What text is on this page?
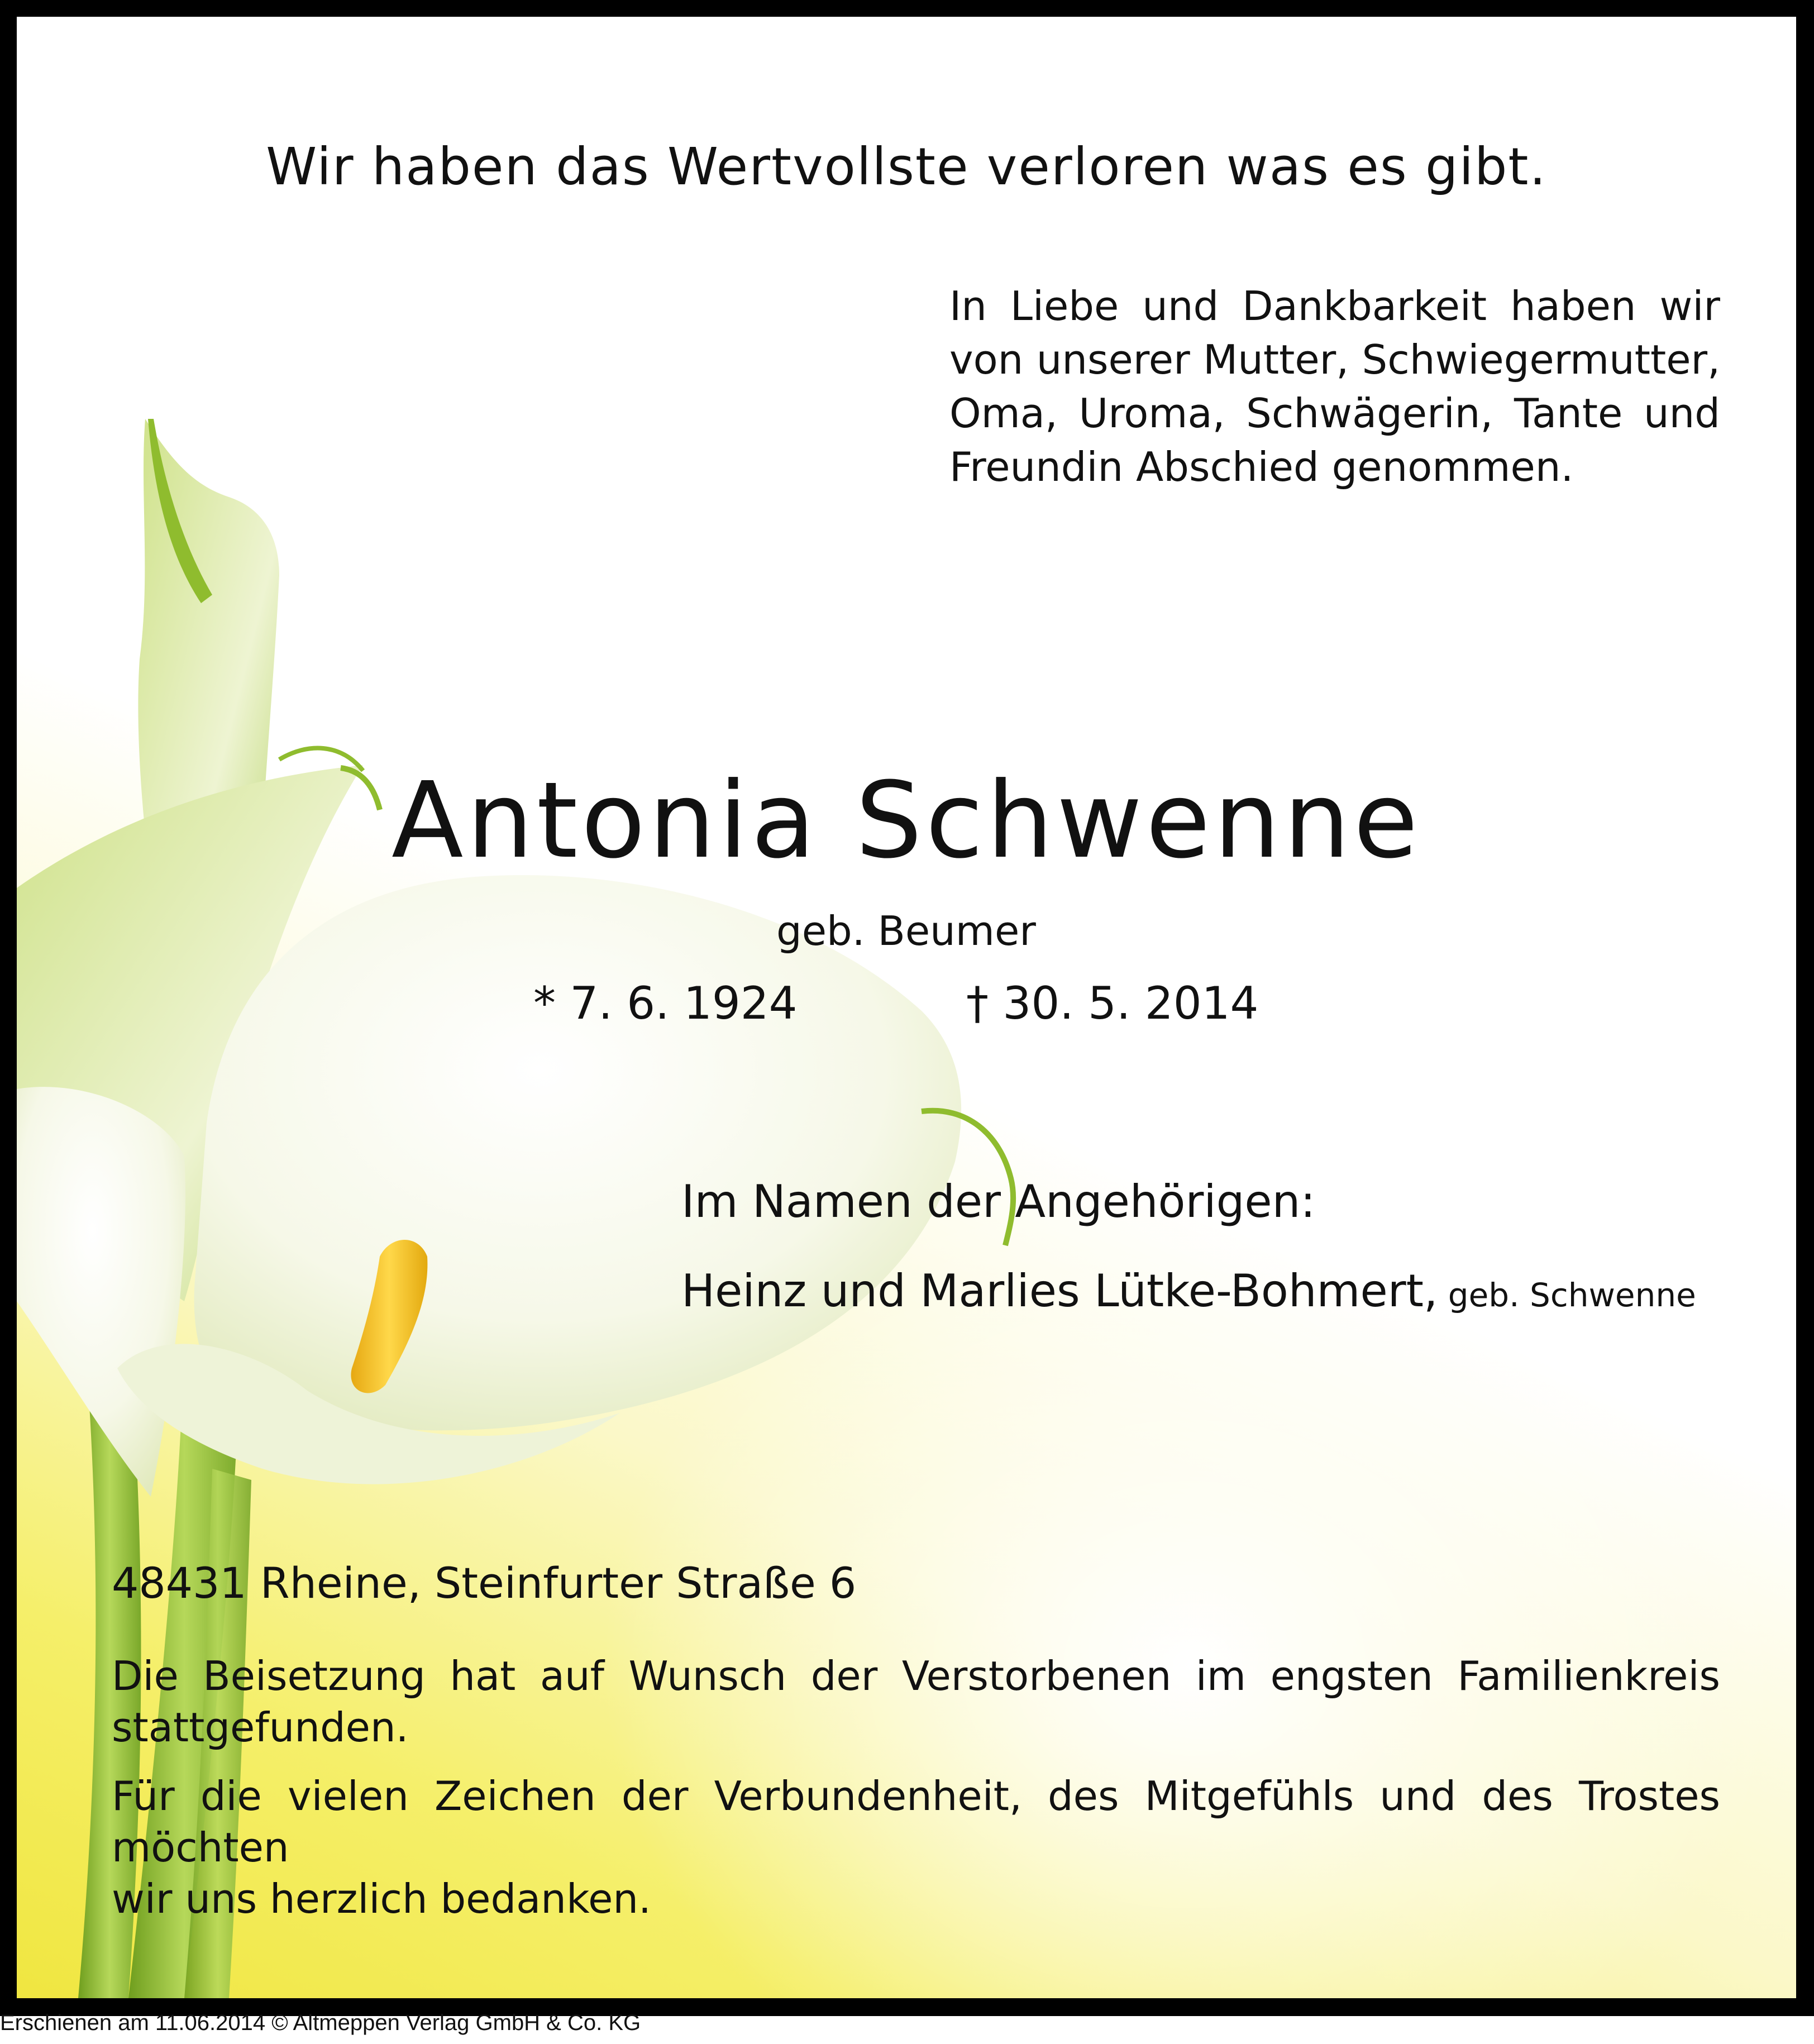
Wir haben das Wertvollste verloren was es gibt.

In Liebe und Dankbarkeit haben wir
von unserer Mutter, Schwiegermutter,
Oma, Uroma, Schwägerin, Tante und
Freundin Abschied genommen.

Antonia Schwenne

geb. Beumer

* 7. 6. 1924	† 30. 5. 2014

Im Namen der Angehörigen:

Heinz und Marlies Lütke-Bohmert, geb. Schwenne

48431 Rheine, Steinfurter Straße 6

Die Beisetzung hat auf Wunsch der Verstorbenen im engsten Familienkreis
stattgefunden.
Für die vielen Zeichen der Verbundenheit, des Mitgefühls und des Trostes möchten
wir uns herzlich bedanken.

Erschienen am 11.06.2014 © Altmeppen Verlag GmbH & Co. KG
